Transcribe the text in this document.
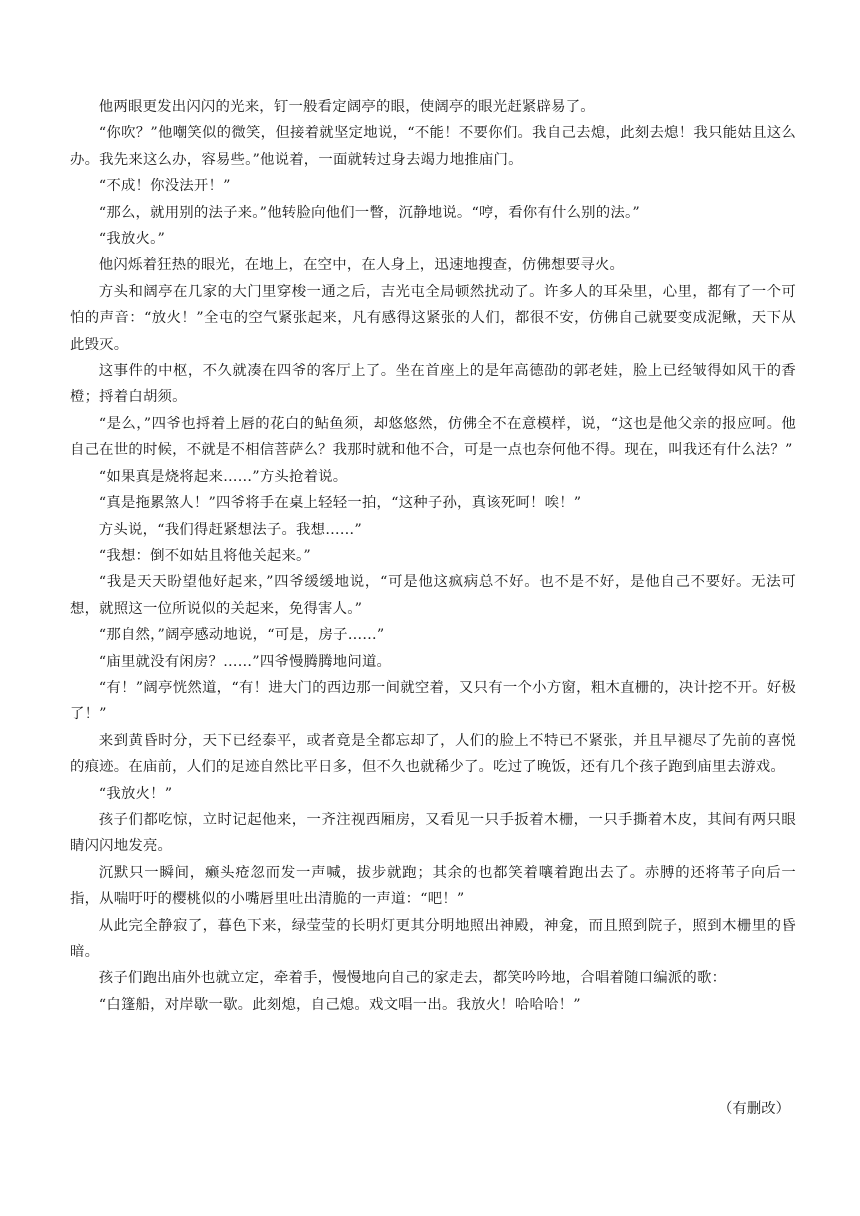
他两眼更发出闪闪的光来，钉一般看定阔亭的眼，使阔亭的眼光赶紧辟易了。

“你吹？”他嘲笑似的微笑，但接着就坚定地说，“不能！不要你们。我自己去熄，此刻去熄！我只能姑且这么办。我先来这么办，容易些。”他说着，一面就转过身去竭力地推庙门。

“不成！你没法开！”

“那么，就用别的法子来。”他转脸向他们一瞥，沉静地说。“哼，看你有什么别的法。”

“我放火。”

他闪烁着狂热的眼光，在地上，在空中，在人身上，迅速地搜查，仿佛想要寻火。

方头和阔亭在几家的大门里穿梭一通之后，吉光屯全局顿然扰动了。许多人的耳朵里，心里，都有了一个可怕的声音：“放火！”全屯的空气紧张起来，凡有感得这紧张的人们，都很不安，仿佛自己就要变成泥鳅，天下从此毁灭。

这事件的中枢，不久就凑在四爷的客厅上了。坐在首座上的是年高德劭的郭老娃，脸上已经皱得如风干的香橙；捋着白胡须。

“是么，”四爷也捋着上唇的花白的鲇鱼须，却悠悠然，仿佛全不在意模样，说，“这也是他父亲的报应呵。他自己在世的时候，不就是不相信菩萨么？我那时就和他不合，可是一点也奈何他不得。现在，叫我还有什么法？”

“如果真是烧将起来……”方头抢着说。

“真是拖累煞人！”四爷将手在桌上轻轻一拍，“这种子孙，真该死呵！唉！”

方头说，“我们得赶紧想法子。我想……”

“我想：倒不如姑且将他关起来。”

“我是天天盼望他好起来，”四爷缓缓地说，“可是他这疯病总不好。也不是不好，是他自己不要好。无法可想，就照这一位所说似的关起来，免得害人。”

“那自然，”阔亭感动地说，“可是，房子……”

“庙里就没有闲房？……”四爷慢腾腾地问道。

“有！”阔亭恍然道，“有！进大门的西边那一间就空着，又只有一个小方窗，粗木直栅的，决计挖不开。好极了！”

来到黄昏时分，天下已经泰平，或者竟是全都忘却了，人们的脸上不特已不紧张，并且早褪尽了先前的喜悦的痕迹。在庙前，人们的足迹自然比平日多，但不久也就稀少了。吃过了晚饭，还有几个孩子跑到庙里去游戏。

“我放火！”

孩子们都吃惊，立时记起他来，一齐注视西厢房，又看见一只手扳着木栅，一只手撕着木皮，其间有两只眼睛闪闪地发亮。

沉默只一瞬间，癞头疮忽而发一声喊，拔步就跑；其余的也都笑着嚷着跑出去了。赤膊的还将苇子向后一指，从喘吁吁的樱桃似的小嘴唇里吐出清脆的一声道：“吧！”

从此完全静寂了，暮色下来，绿莹莹的长明灯更其分明地照出神殿，神龛，而且照到院子，照到木栅里的昏暗。

孩子们跑出庙外也就立定，牵着手，慢慢地向自己的家走去，都笑吟吟地，合唱着随口编派的歌：

“白篷船，对岸歇一歇。此刻熄，自己熄。戏文唱一出。我放火！哈哈哈！”

（有删改）
